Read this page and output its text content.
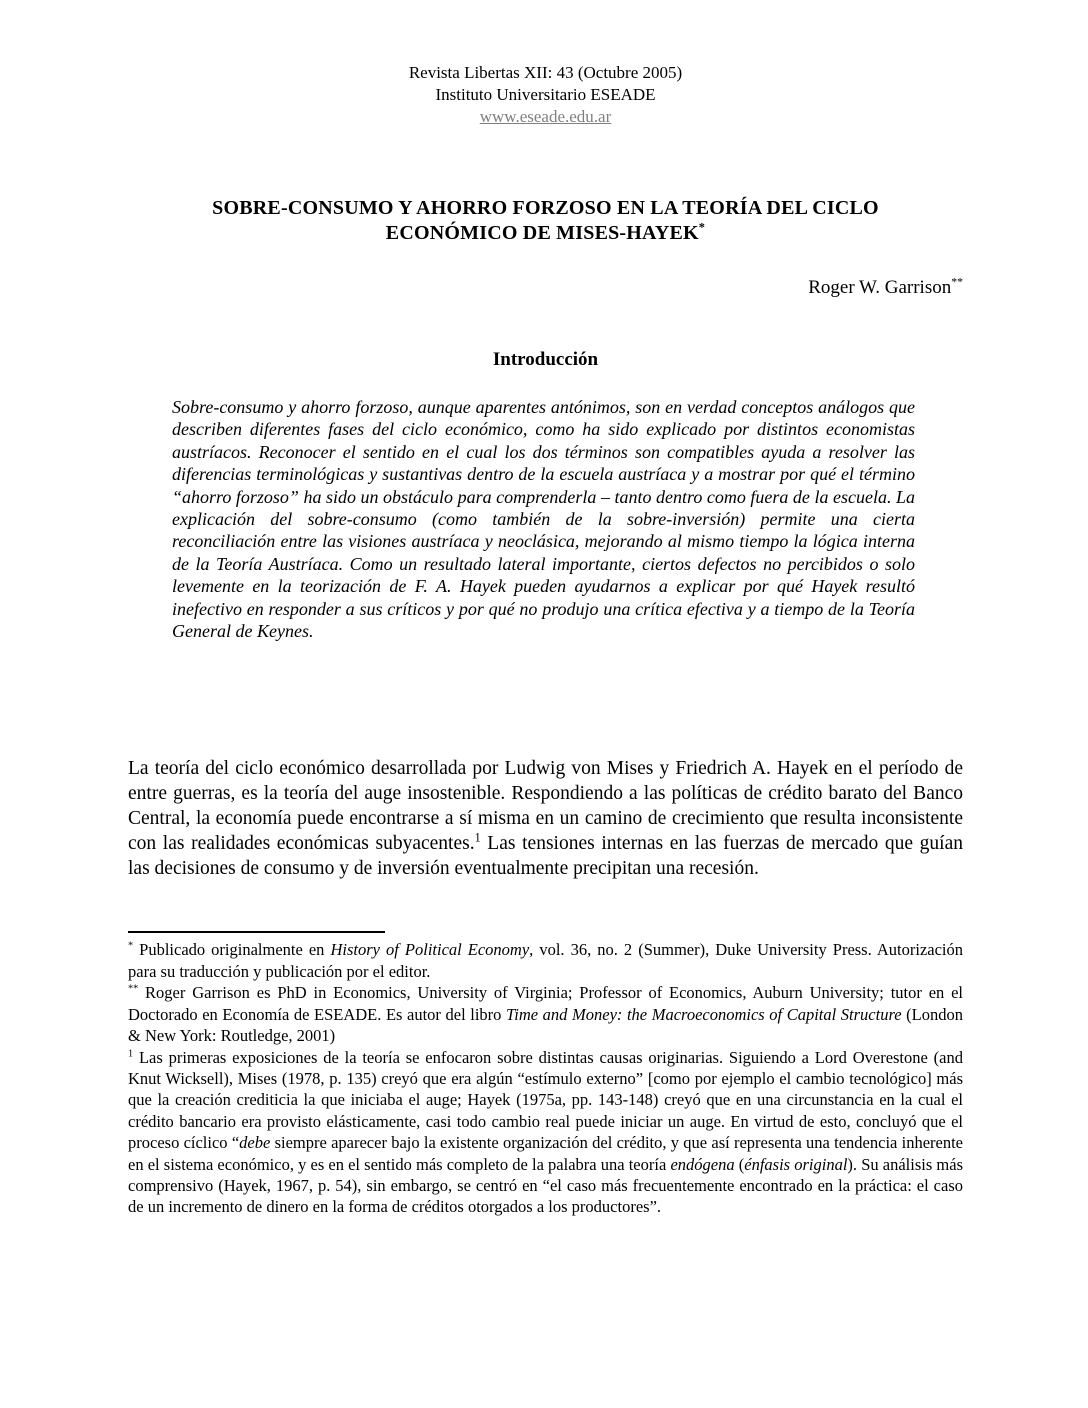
Revista Libertas XII: 43 (Octubre 2005)
Instituto Universitario ESEADE
www.eseade.edu.ar
SOBRE-CONSUMO Y AHORRO FORZOSO EN LA TEORÍA DEL CICLO
ECONÓMICO DE MISES-HAYEK*
Roger W. Garrison**
Introducción

Sobre-consumo y ahorro forzoso, aunque aparentes antónimos, son en verdad conceptos análogos que describen diferentes fases del ciclo económico, como ha sido explicado por distintos economistas austríacos. Reconocer el sentido en el cual los dos términos son compatibles ayuda a resolver las diferencias terminológicas y sustantivas dentro de la escuela austríaca y a mostrar por qué el término “ahorro forzoso” ha sido un obstáculo para comprenderla – tanto dentro como fuera de la escuela. La explicación del sobre-consumo (como también de la sobre-inversión) permite una cierta reconciliación entre las visiones austríaca y neoclásica, mejorando al mismo tiempo la lógica interna de la Teoría Austríaca. Como un resultado lateral importante, ciertos defectos no percibidos o solo levemente en la teorización de F. A. Hayek pueden ayudarnos a explicar por qué Hayek resultó inefectivo en responder a sus críticos y por qué no produjo una crítica efectiva y a tiempo de la Teoría General de Keynes.

La teoría del ciclo económico desarrollada por Ludwig von Mises y Friedrich A. Hayek en el período de entre guerras, es la teoría del auge insostenible. Respondiendo a las políticas de crédito barato del Banco Central, la economía puede encontrarse a sí misma en un camino de crecimiento que resulta inconsistente con las realidades económicas subyacentes.$^1$ Las tensiones internas en las fuerzas de mercado que guían las decisiones de consumo y de inversión eventualmente precipitan una recesión.

* Publicado originalmente en History of Political Economy, vol. 36, no. 2 (Summer), Duke University Press. Autorización para su traducción y publicación por el editor.

** Roger Garrison es PhD in Economics, University of Virginia; Professor of Economics, Auburn University; tutor en el Doctorado en Economía de ESEADE. Es autor del libro Time and Money: the Macroeconomics of Capital Structure (London & New York: Routledge, 2001)

$^1$ Las primeras exposiciones de la teoría se enfocaron sobre distintas causas originarias. Siguiendo a Lord Overestone (and Knut Wicksell), Mises (1978, p. 135) creyó que era algún “estímulo externo” [como por ejemplo el cambio tecnológico] más que la creación crediticia la que iniciaba el auge; Hayek (1975a, pp. 143-148) creyó que en una circunstancia en la cual el crédito bancario era provisto elásticamente, casi todo cambio real puede iniciar un auge. En virtud de esto, concluyó que el proceso cíclico “debe siempre aparecer bajo la existente organización del crédito, y que así representa una tendencia inherente en el sistema económico, y es en el sentido más completo de la palabra una teoría endógena (énfasis original). Su análisis más comprensivo (Hayek, 1967, p. 54), sin embargo, se centró en “el caso más frecuentemente encontrado en la práctica: el caso de un incremento de dinero en la forma de créditos otorgados a los productores”.
